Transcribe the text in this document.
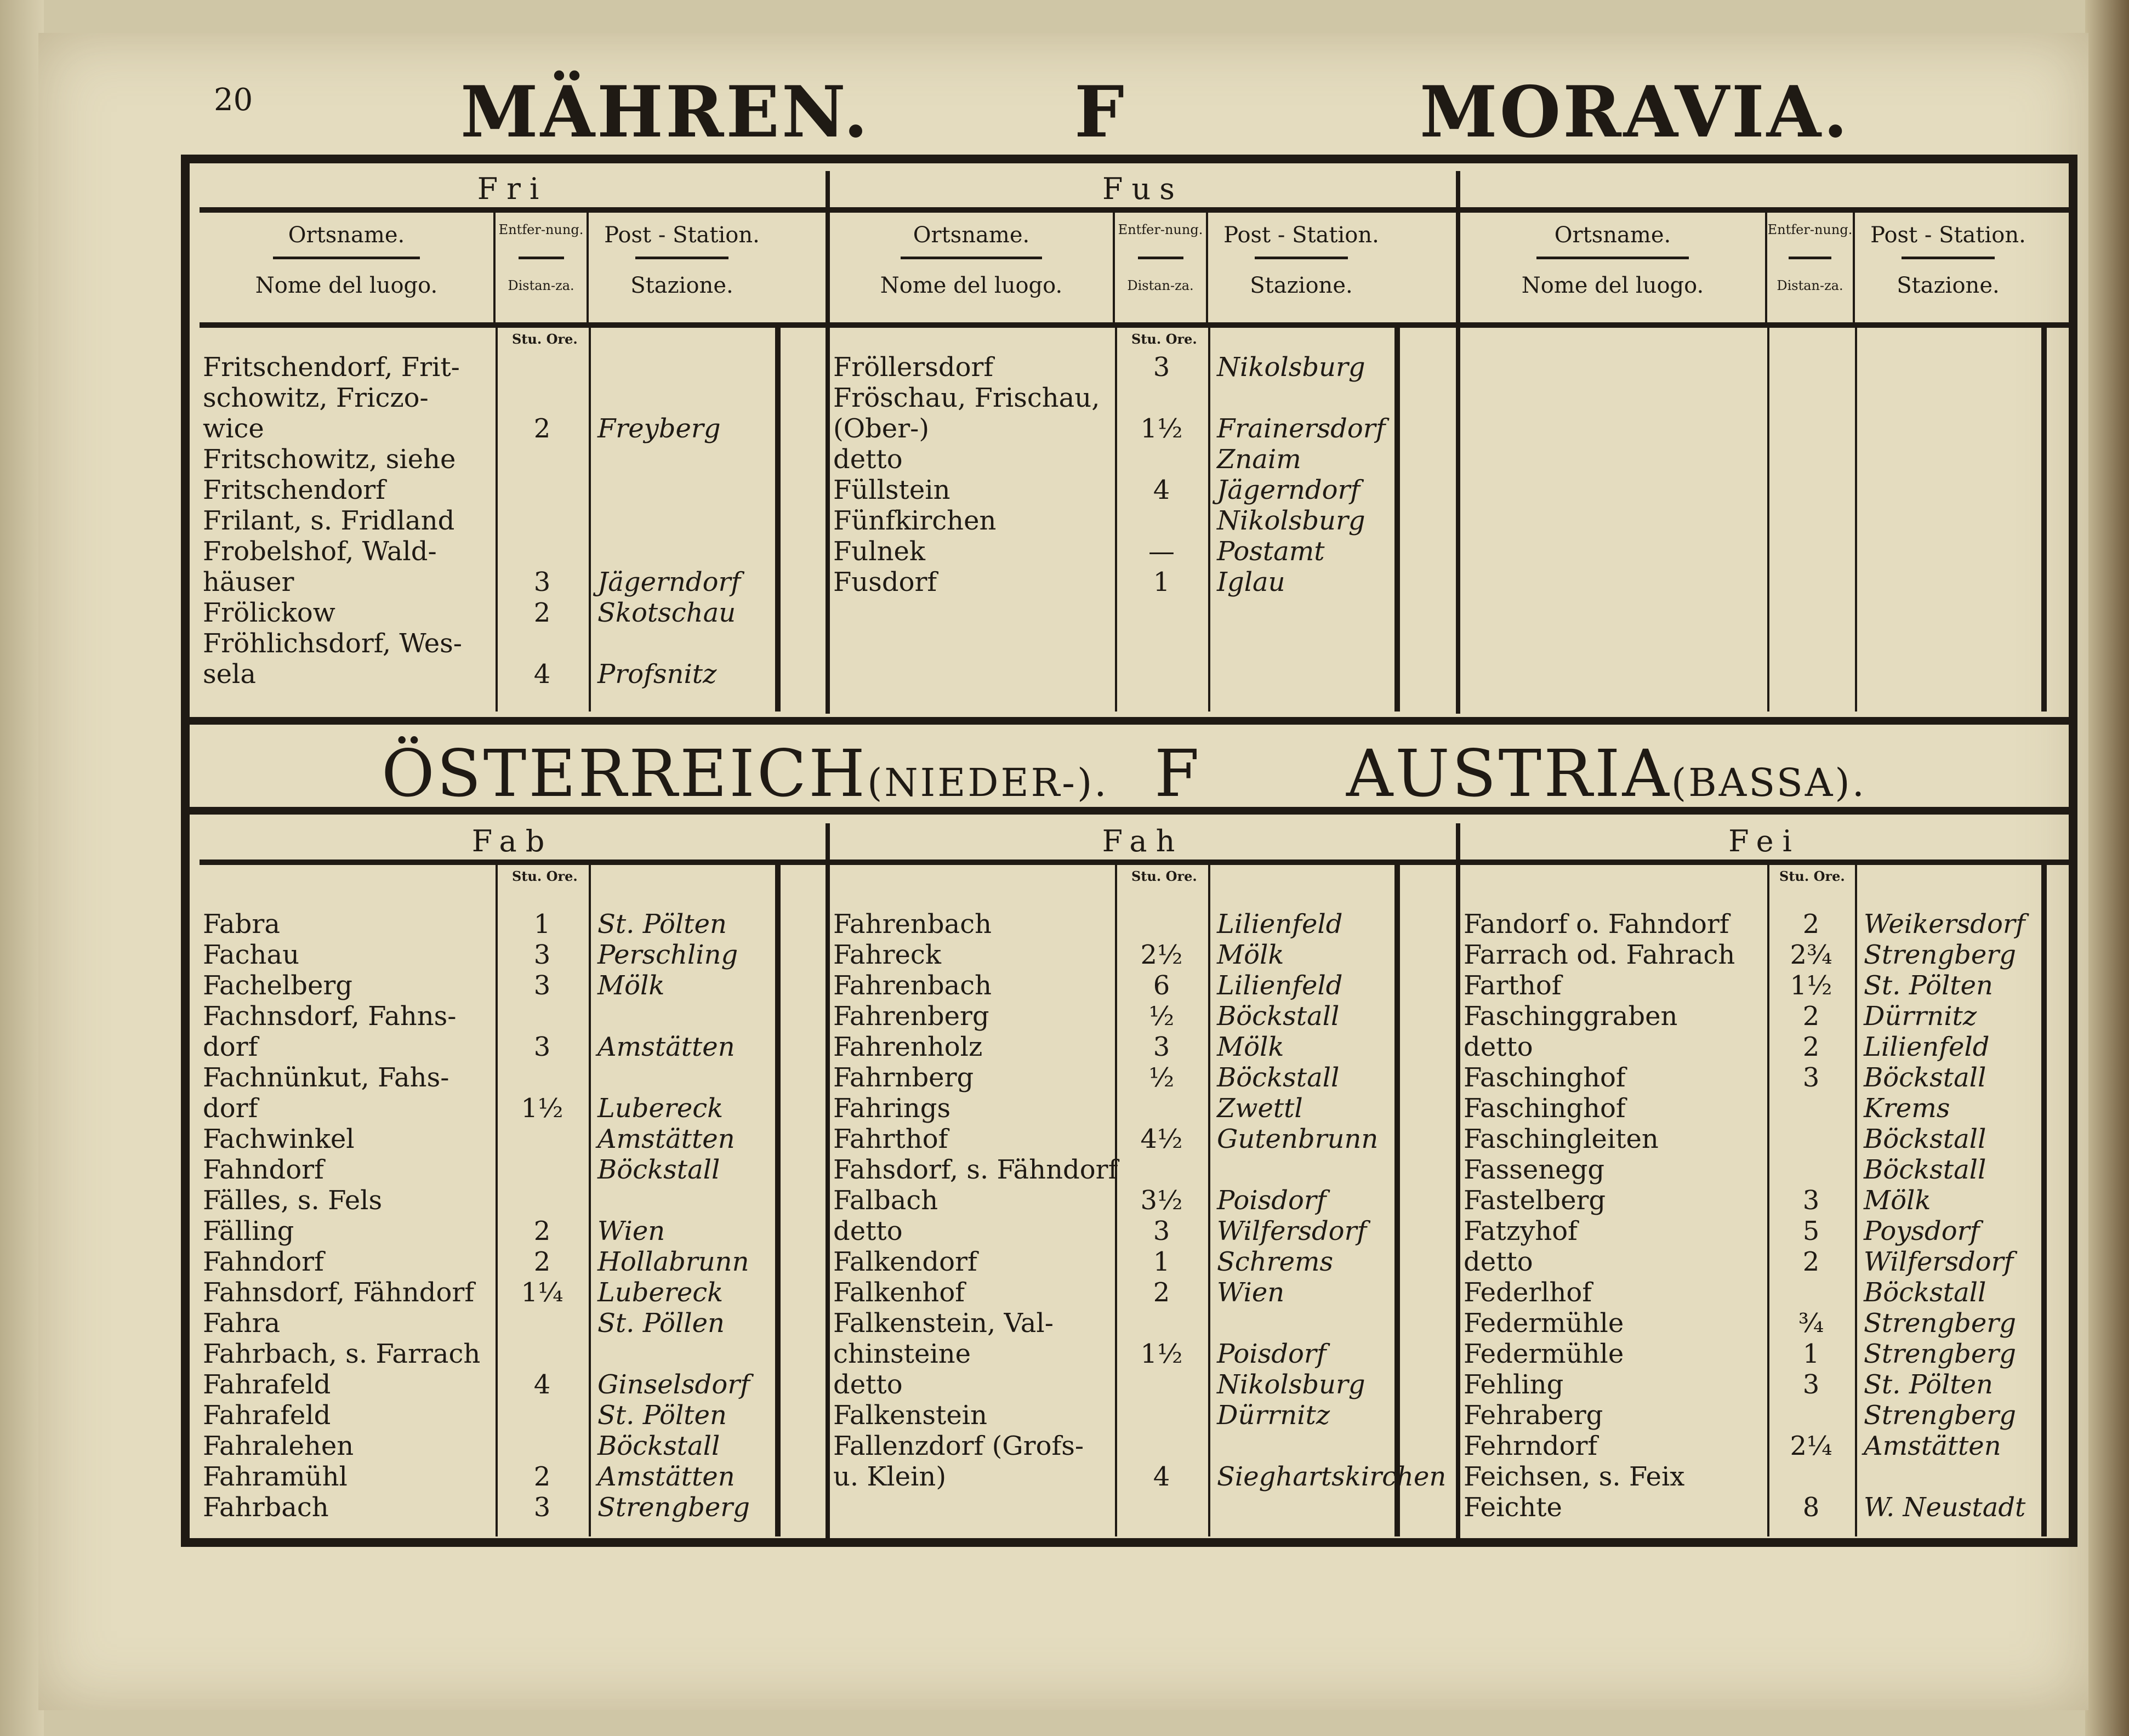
20	MÄHREN.	F	MORAVIA.
Fri
Ortsname.
Nome del luogo.
Entfer-nung.
Distan-za.
Post - Station.
Stazione.
Stu. Ore.
Fritschendorf, Frit-
schowitz, Friczo-
wice	2	Freyberg
Fritschowitz, siehe
Fritschendorf
Frilant, s. Fridland
Frobelshof, Wald-
häuser	3	Jägerndorf
Frölickow	2	Skotschau
Fröhlichsdorf, Wes-
sela	4	Profsnitz
Fus
Ortsname.
Nome del luogo.
Entfer-nung.
Distan-za.
Post - Station.
Stazione.
Stu. Ore.
Fröllersdorf	3	Nikolsburg
Fröschau, Frischau,
(Ober-)	1½	Frainersdorf
detto	Znaim
Füllstein	4	Jägerndorf
Fünfkirchen	Nikolsburg
Fulnek	—	Postamt
Fusdorf	1	Iglau
Ortsname.
Nome del luogo.
Entfer-nung.
Distan-za.
Post - Station.
Stazione.
ÖSTERREICH(NIEDER-). F AUSTRIA(BASSA).
Fab
Stu. Ore.
Fabra	1	St. Pölten
Fachau	3	Perschling
Fachelberg	3	Mölk
Fachnsdorf, Fahns-
dorf	3	Amstätten
Fachnünkut, Fahs-
dorf	1½	Lubereck
Fachwinkel	Amstätten
Fahndorf	Böckstall
Fälles, s. Fels
Fälling	2	Wien
Fahndorf	2	Hollabrunn
Fahnsdorf, Fähndorf	1¼	Lubereck
Fahra	St. Pöllen
Fahrbach, s. Farrach
Fahrafeld	4	Ginselsdorf
Fahrafeld	St. Pölten
Fahralehen	Böckstall
Fahramühl	2	Amstätten
Fahrbach	3	Strengberg
Fah
Stu. Ore.
Fahrenbach	Lilienfeld
Fahreck	2½	Mölk
Fahrenbach	6	Lilienfeld
Fahrenberg	½	Böckstall
Fahrenholz	3	Mölk
Fahrnberg	½	Böckstall
Fahrings	Zwettl
Fahrthof	4½	Gutenbrunn
Fahsdorf, s. Fähndorf
Falbach	3½	Poisdorf
detto	3	Wilfersdorf
Falkendorf	1	Schrems
Falkenhof	2	Wien
Falkenstein, Val-
chinsteine	1½	Poisdorf
detto	Nikolsburg
Falkenstein	Dürrnitz
Fallenzdorf (Grofs-
u. Klein)	4	Sieghartskirchen
Fei
Stu. Ore.
Fandorf o. Fahndorf	2	Weikersdorf
Farrach od. Fahrach	2¾	Strengberg
Farthof	1½	St. Pölten
Faschinggraben	2	Dürrnitz
detto	2	Lilienfeld
Faschinghof	3	Böckstall
Faschinghof	Krems
Faschingleiten	Böckstall
Fassenegg	Böckstall
Fastelberg	3	Mölk
Fatzyhof	5	Poysdorf
detto	2	Wilfersdorf
Federlhof	Böckstall
Federmühle	¾	Strengberg
Federmühle	1	Strengberg
Fehling	3	St. Pölten
Fehraberg	Strengberg
Fehrndorf	2¼	Amstätten
Feichsen, s. Feix
Feichte	8	W. Neustadt
